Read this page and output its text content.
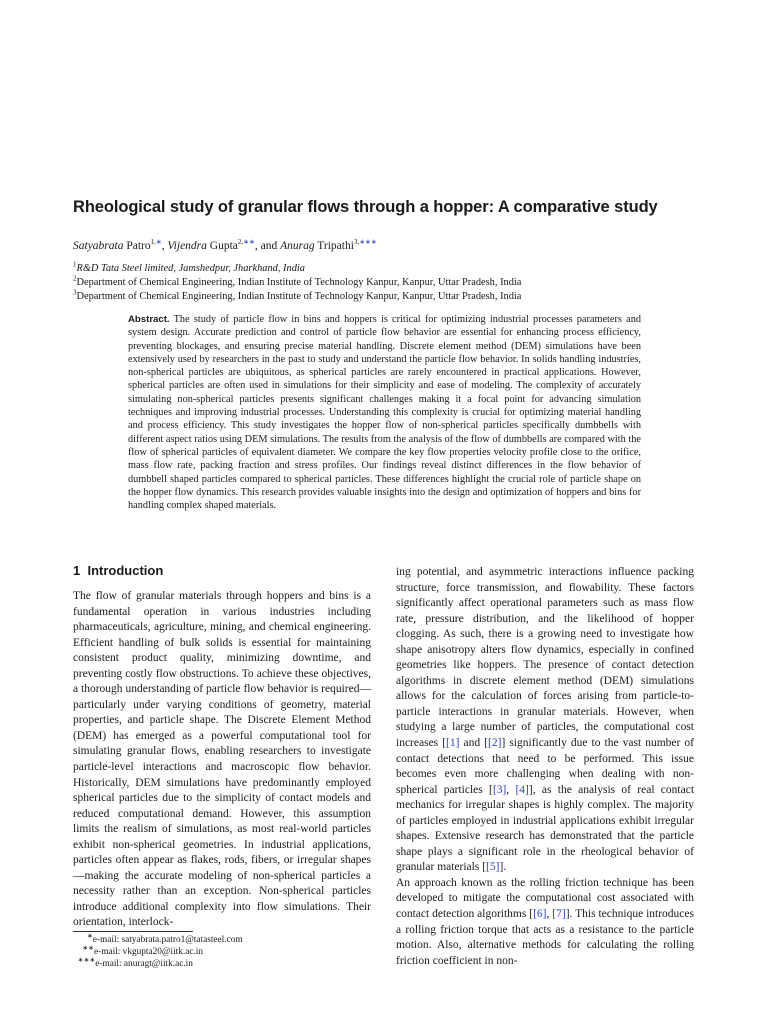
Rheological study of granular flows through a hopper: A comparative study
Satyabrata Patro$^{1,∗}$, Vijendra Gupta$^{2,∗∗}$, and Anurag Tripathi$^{3,∗∗∗}$
$^1$R&D Tata Steel limited, Jamshedpur, Jharkhand, India
$^2$Department of Chemical Engineering, Indian Institute of Technology Kanpur, Kanpur, Uttar Pradesh, India
$^3$Department of Chemical Engineering, Indian Institute of Technology Kanpur, Kanpur, Uttar Pradesh, India
Abstract. The study of particle flow in bins and hoppers is critical for optimizing industrial processes parameters and system design. Accurate prediction and control of particle flow behavior are essential for enhancing process efficiency, preventing blockages, and ensuring precise material handling. Discrete element method (DEM) simulations have been extensively used by researchers in the past to study and understand the particle flow behavior. In solids handling industries, non-spherical particles are ubiquitous, as spherical particles are rarely encountered in practical applications. However, spherical particles are often used in simulations for their simplicity and ease of modeling. The complexity of accurately simulating non-spherical particles presents significant challenges making it a focal point for advancing simulation techniques and improving industrial processes. Understanding this complexity is crucial for optimizing material handling and process efficiency. This study investigates the hopper flow of non-spherical particles specifically dumbbells with different aspect ratios using DEM simulations. The results from the analysis of the flow of dumbbells are compared with the flow of spherical particles of equivalent diameter. We compare the key flow properties velocity profile close to the orifice, mass flow rate, packing fraction and stress profiles. Our findings reveal distinct differences in the flow behavior of dumbbell shaped particles compared to spherical particles. These differences highlight the crucial role of particle shape on the hopper flow dynamics. This research provides valuable insights into the design and optimization of hoppers and bins for handling complex shaped materials.
1 Introduction

The flow of granular materials through hoppers and bins is a fundamental operation in various industries including pharmaceuticals, agriculture, mining, and chemical engineering. Efficient handling of bulk solids is essential for maintaining consistent product quality, minimizing downtime, and preventing costly flow obstructions. To achieve these objectives, a thorough understanding of particle flow behavior is required—particularly under varying conditions of geometry, material properties, and particle shape. The Discrete Element Method (DEM) has emerged as a powerful computational tool for simulating granular flows, enabling researchers to investigate particle-level interactions and macroscopic flow behavior. Historically, DEM simulations have predominantly employed spherical particles due to the simplicity of contact models and reduced computational demand. However, this assumption limits the realism of simulations, as most real-world particles exhibit non-spherical geometries. In industrial applications, particles often appear as flakes, rods, fibers, or irregular shapes—making the accurate modeling of non-spherical particles a necessity rather than an exception. Non-spherical particles introduce additional complexity into flow simulations. Their orientation, interlock-

ing potential, and asymmetric interactions influence packing structure, force transmission, and flowability. These factors significantly affect operational parameters such as mass flow rate, pressure distribution, and the likelihood of hopper clogging. As such, there is a growing need to investigate how shape anisotropy alters flow dynamics, especially in confined geometries like hoppers. The presence of contact detection algorithms in discrete element method (DEM) simulations allows for the calculation of forces arising from particle-to-particle interactions in granular materials. However, when studying a large number of particles, the computational cost increases [[1] and [[2]] significantly due to the vast number of contact detections that need to be performed. This issue becomes even more challenging when dealing with non-spherical particles [[3], [4]], as the analysis of real contact mechanics for irregular shapes is highly complex. The majority of particles employed in industrial applications exhibit irregular shapes. Extensive research has demonstrated that the particle shape plays a significant role in the rheological behavior of granular materials [[5]].

An approach known as the rolling friction technique has been developed to mitigate the computational cost associated with contact detection algorithms [[6], [7]]. This technique introduces a rolling friction torque that acts as a resistance to the particle motion. Also, alternative methods for calculating the rolling friction coefficient in non-

∗e-mail: satyabrata.patro1@tatasteel.com
∗∗e-mail: vkgupta20@iitk.ac.in
∗∗∗e-mail: anuragt@iitk.ac.in
